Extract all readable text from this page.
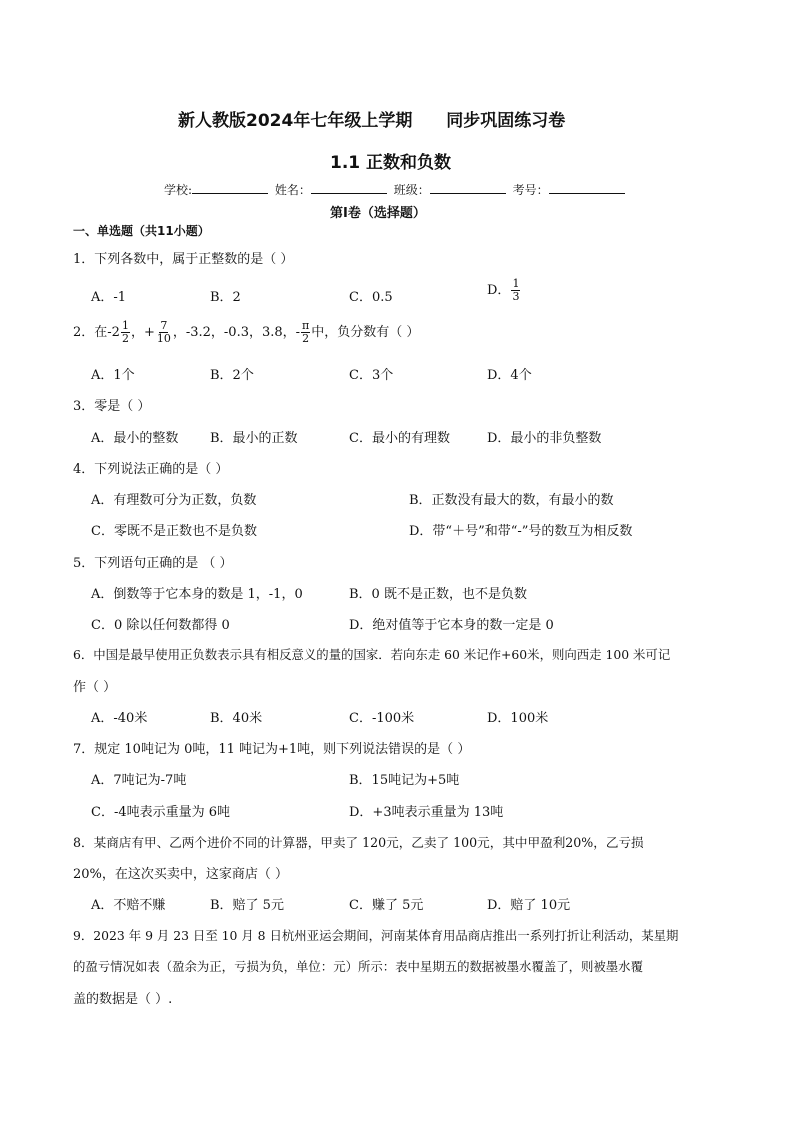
新人教版2024年七年级上学期 同步巩固练习卷
1.1 正数和负数
学校:	姓名：	班级：	考号：
第I卷（选择题）
一、单选题（共11小题）
1．下列各数中，属于正整数的是（ ）
A．-1	B．2	C．0.5	D． $\frac{1}{3}$
2．在$-2 \frac{1}{2}$ ，+ $\frac{7}{10}$ ，-3.2，-0.3，3.8，- $\frac{\pi}{2}$ 中，负分数有（ ）
A．1个	B．2个	C．3个	D．4个
3．零是（ ）
A．最小的整数 B．最小的正数	C．最小的有理数	D．最小的非负整数
4．下列说法正确的是（ ）
A．有理数可分为正数，负数	B．正数没有最大的数，有最小的数
C．零既不是正数也不是负数	D．带“＋号”和带“-”号的数互为相反数
5．下列语句正确的是 （ ）
A．倒数等于它本身的数是 1，-1，0	B．0 既不是正数，也不是负数
C．0 除以任何数都得 0	D．绝对值等于它本身的数一定是 0
6．中国是最早使用正负数表示具有相反意义的量的国家．若向东走 60 米记作+60米，则向西走 100 米可记
作（ ）
A．-40米	B．40米	C．-100米	D．100米
7．规定 10吨记为 0吨，11 吨记为+1吨，则下列说法错误的是（ ）
A．7吨记为-7吨	B．15吨记为+5吨
C．-4吨表示重量为 6吨	D．+3吨表示重量为 13吨
8．某商店有甲、乙两个进价不同的计算器，甲卖了 120元，乙卖了 100元，其中甲盈利20%，乙亏损
20%，在这次买卖中，这家商店（ ）
A．不赔不赚	B．赔了 5元	C．赚了 5元	D．赔了 10元
9．2023 年 9 月 23 日至 10 月 8 日杭州亚运会期间，河南某体育用品商店推出一系列打折让利活动，某星期
的盈亏情况如表（盈余为正，亏损为负，单位：元）所示：表中星期五的数据被墨水覆盖了，则被墨水覆
盖的数据是（ ）.
